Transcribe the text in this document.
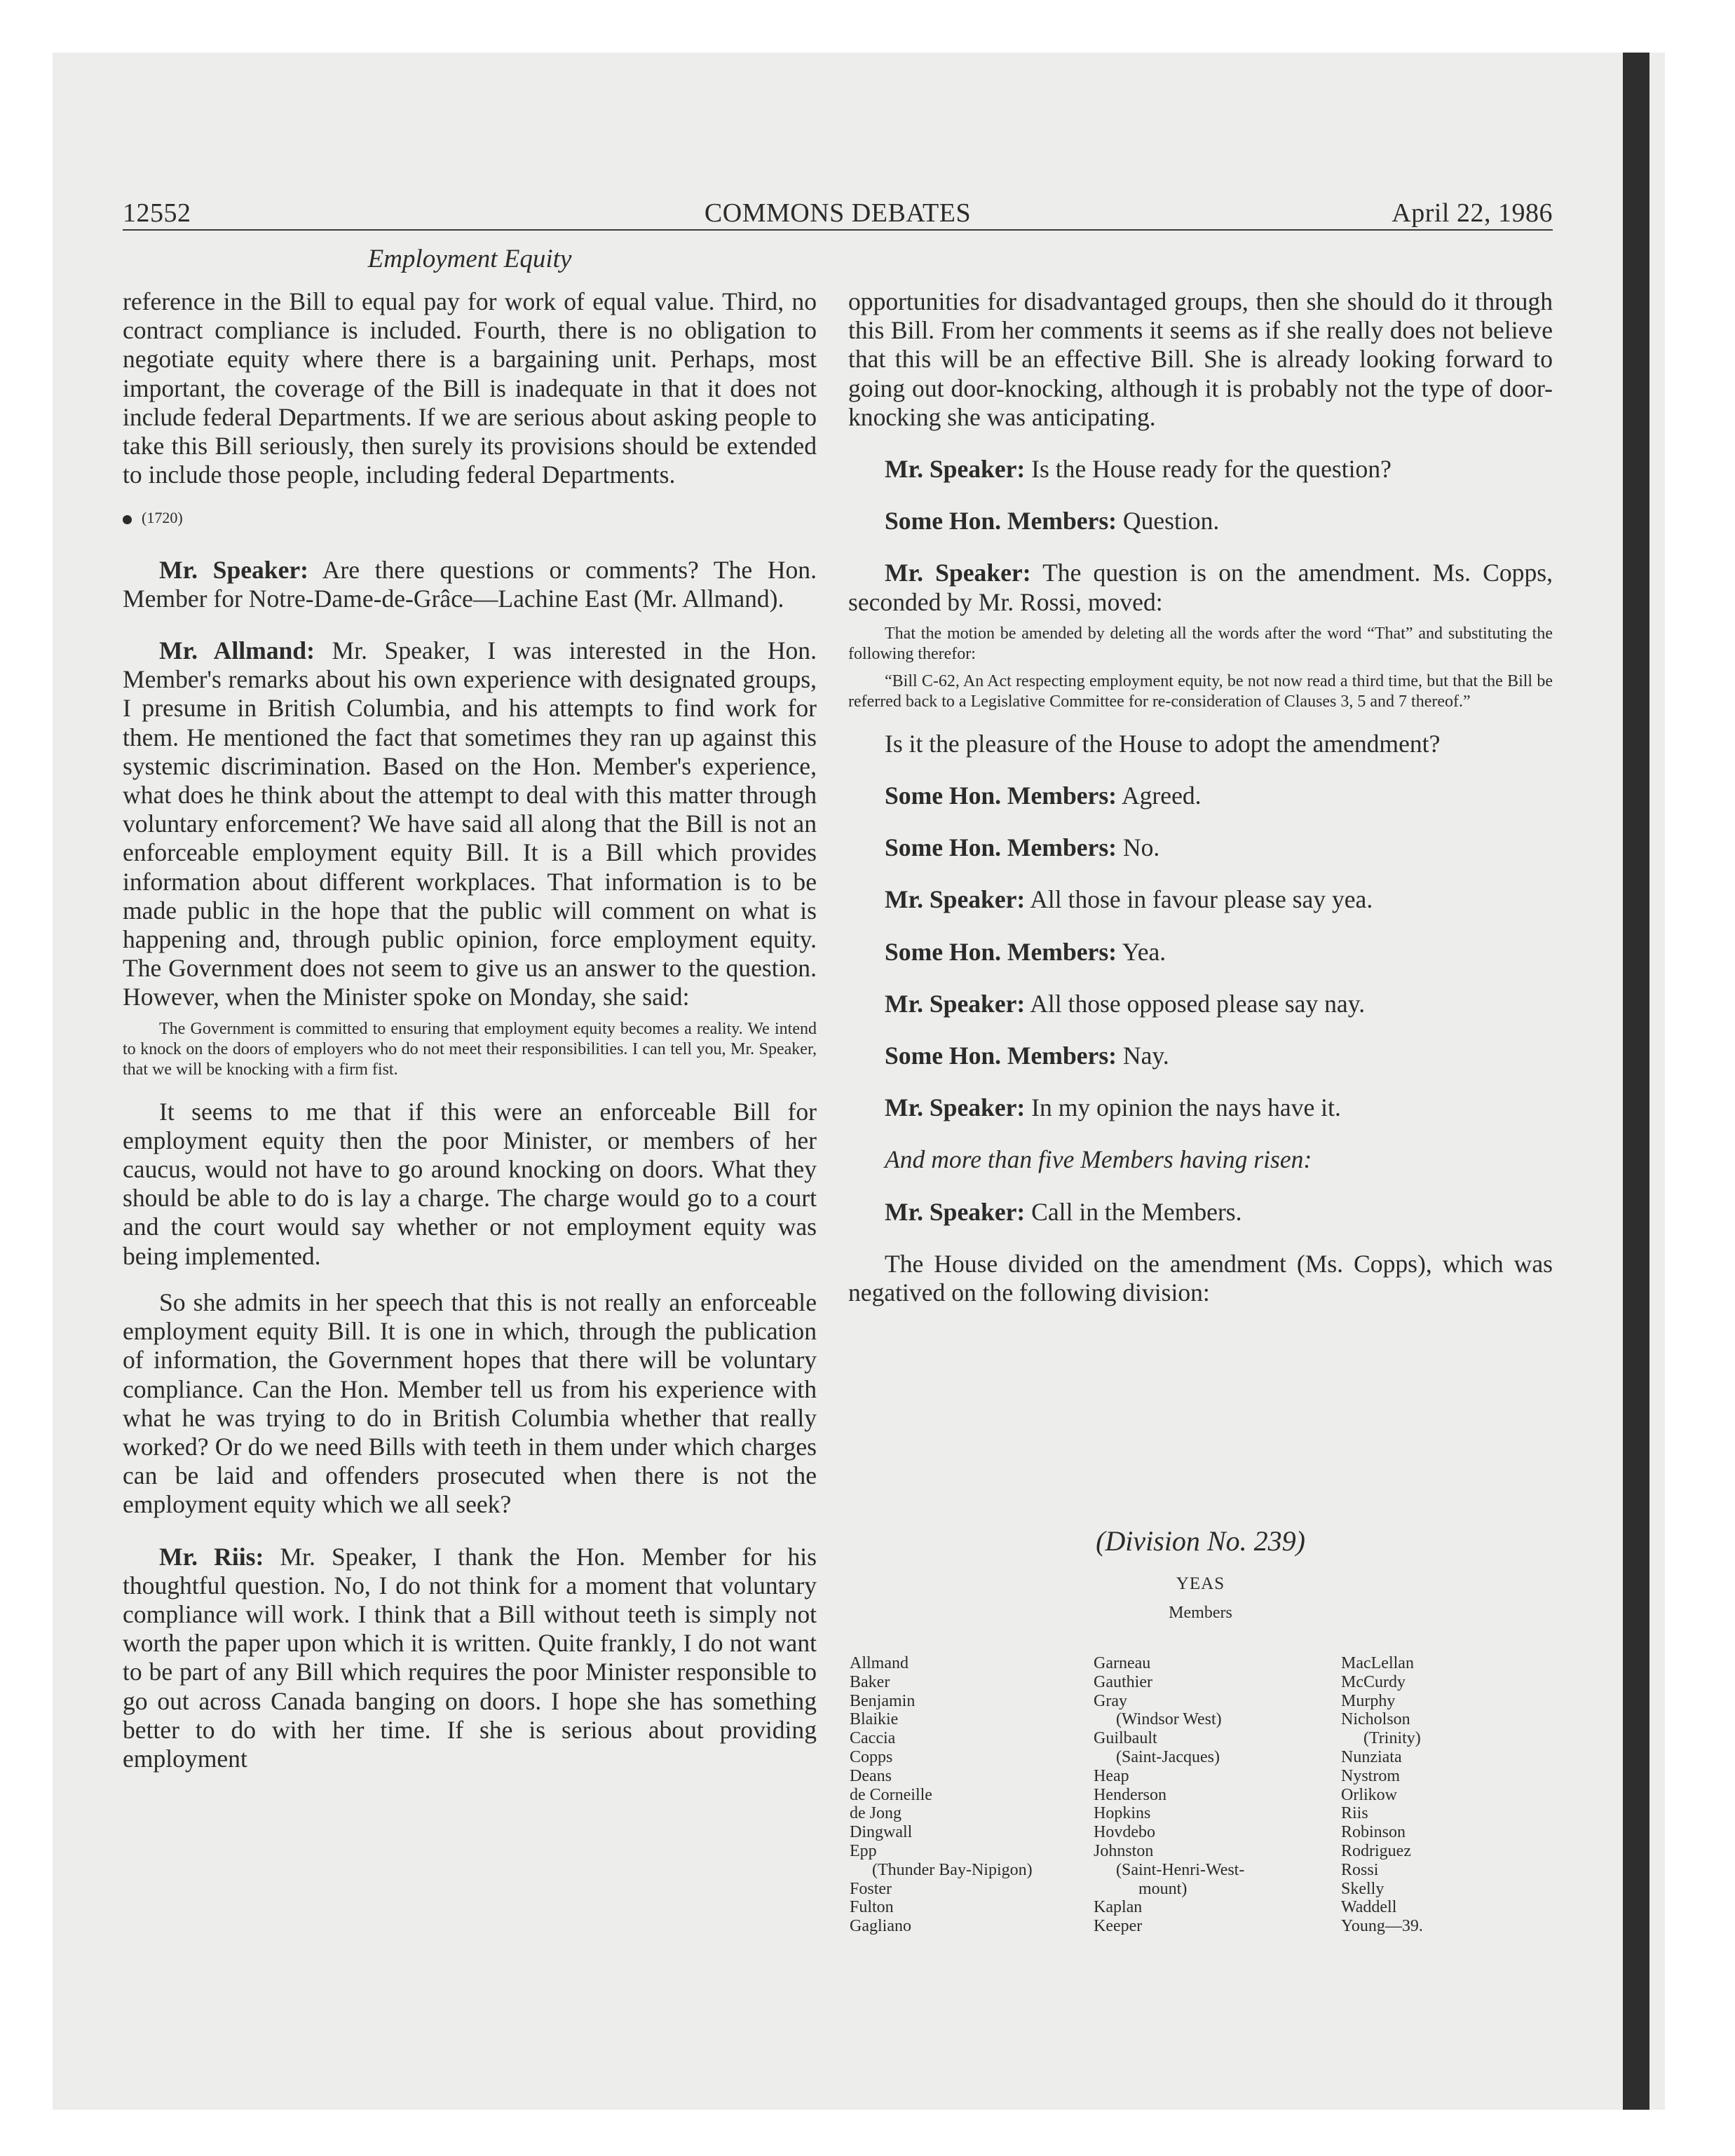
12552	COMMONS DEBATES	April 22, 1986
Employment Equity

reference in the Bill to equal pay for work of equal value. Third, no contract compliance is included. Fourth, there is no obligation to negotiate equity where there is a bargaining unit. Perhaps, most important, the coverage of the Bill is inadequate in that it does not include federal Departments. If we are serious about asking people to take this Bill seriously, then surely its provisions should be extended to include those people, including federal Departments.

(1720)

Mr. Speaker: Are there questions or comments? The Hon. Member for Notre-Dame-de-Grâce—Lachine East (Mr. Allmand).

Mr. Allmand: Mr. Speaker, I was interested in the Hon. Member's remarks about his own experience with designated groups, I presume in British Columbia, and his attempts to find work for them. He mentioned the fact that sometimes they ran up against this systemic discrimination. Based on the Hon. Member's experience, what does he think about the attempt to deal with this matter through voluntary enforcement? We have said all along that the Bill is not an enforceable employment equity Bill. It is a Bill which provides information about different workplaces. That information is to be made public in the hope that the public will comment on what is happening and, through public opinion, force employment equity. The Government does not seem to give us an answer to the question. However, when the Minister spoke on Monday, she said:

The Government is committed to ensuring that employment equity becomes a reality. We intend to knock on the doors of employers who do not meet their responsibilities. I can tell you, Mr. Speaker, that we will be knocking with a firm fist.

It seems to me that if this were an enforceable Bill for employment equity then the poor Minister, or members of her caucus, would not have to go around knocking on doors. What they should be able to do is lay a charge. The charge would go to a court and the court would say whether or not employment equity was being implemented.

So she admits in her speech that this is not really an enforceable employment equity Bill. It is one in which, through the publication of information, the Government hopes that there will be voluntary compliance. Can the Hon. Member tell us from his experience with what he was trying to do in British Columbia whether that really worked? Or do we need Bills with teeth in them under which charges can be laid and offenders prosecuted when there is not the employment equity which we all seek?

Mr. Riis: Mr. Speaker, I thank the Hon. Member for his thoughtful question. No, I do not think for a moment that voluntary compliance will work. I think that a Bill without teeth is simply not worth the paper upon which it is written. Quite frankly, I do not want to be part of any Bill which requires the poor Minister responsible to go out across Canada banging on doors. I hope she has something better to do with her time. If she is serious about providing employment

opportunities for disadvantaged groups, then she should do it through this Bill. From her comments it seems as if she really does not believe that this will be an effective Bill. She is already looking forward to going out door-knocking, although it is probably not the type of door-knocking she was anticipating.

Mr. Speaker: Is the House ready for the question?

Some Hon. Members: Question.

Mr. Speaker: The question is on the amendment. Ms. Copps, seconded by Mr. Rossi, moved:

That the motion be amended by deleting all the words after the word “That” and substituting the following therefor:

“Bill C-62, An Act respecting employment equity, be not now read a third time, but that the Bill be referred back to a Legislative Committee for re-consideration of Clauses 3, 5 and 7 thereof.”

Is it the pleasure of the House to adopt the amendment?

Some Hon. Members: Agreed.

Some Hon. Members: No.

Mr. Speaker: All those in favour please say yea.

Some Hon. Members: Yea.

Mr. Speaker: All those opposed please say nay.

Some Hon. Members: Nay.

Mr. Speaker: In my opinion the nays have it.

And more than five Members having risen:

Mr. Speaker: Call in the Members.

The House divided on the amendment (Ms. Copps), which was negatived on the following division:

(Division No. 239)
YEAS
Members
Allmand
Baker
Benjamin
Blaikie
Caccia
Copps
Deans
de Corneille
de Jong
Dingwall
Epp
(Thunder Bay-Nipigon)
Foster
Fulton
Gagliano
Garneau
Gauthier
Gray
(Windsor West)
Guilbault
(Saint-Jacques)
Heap
Henderson
Hopkins
Hovdebo
Johnston
(Saint-Henri-West-
mount)
Kaplan
Keeper
MacLellan
McCurdy
Murphy
Nicholson
(Trinity)
Nunziata
Nystrom
Orlikow
Riis
Robinson
Rodriguez
Rossi
Skelly
Waddell
Young—39.
